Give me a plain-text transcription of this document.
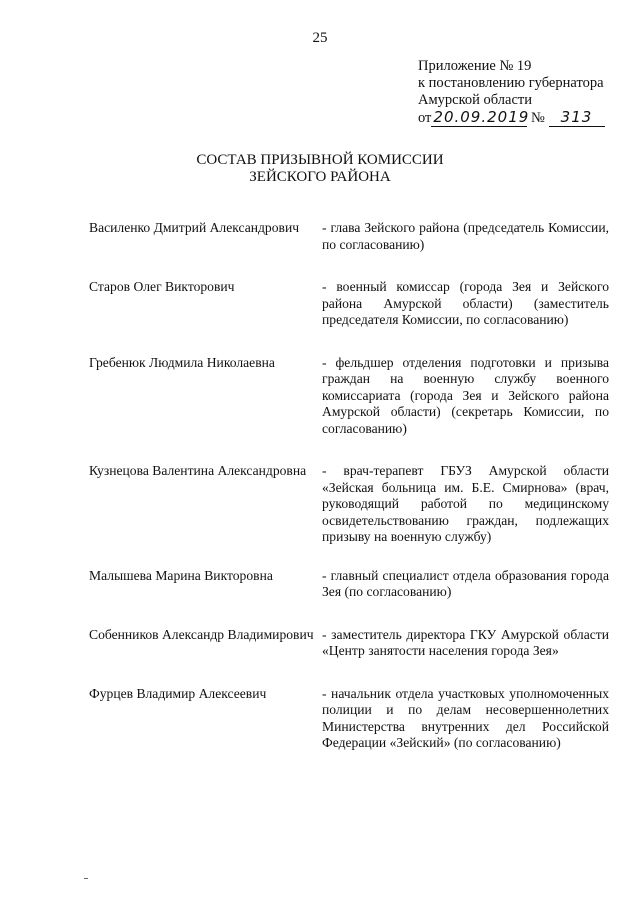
25
Приложение № 19
к постановлению губернатора
Амурской области
от 20.09.2019 № 313
СОСТАВ ПРИЗЫВНОЙ КОМИССИИ
ЗЕЙСКОГО РАЙОНА
Василенко Дмитрий Александрович	- глава Зейского района (председатель Комиссии, по согласованию)
Старов Олег Викторович	- военный комиссар (города Зея и Зейского района Амурской области) (заместитель председателя Комиссии, по согласованию)
Гребенюк Людмила Николаевна	- фельдшер отделения подготовки и призыва граждан на военную службу военного комиссариата (города Зея и Зейского района Амурской области) (секретарь Комиссии, по согласованию)
Кузнецова Валентина Александровна	- врач-терапевт ГБУЗ Амурской области «Зейская больница им. Б.Е. Смирнова» (врач, руководящий работой по медицинскому освидетельствованию граждан, подлежащих призыву на военную службу)
Малышева Марина Викторовна	- главный специалист отдела образования города Зея (по согласованию)
Собенников Александр Владимирович - заместитель директора ГКУ Амурской области «Центр занятости населения города Зея»
Фурцев Владимир Алексеевич	- начальник отдела участковых уполномоченных полиции и по делам несовершеннолетних Министерства внутренних дел Российской Федерации «Зейский» (по согласованию)
